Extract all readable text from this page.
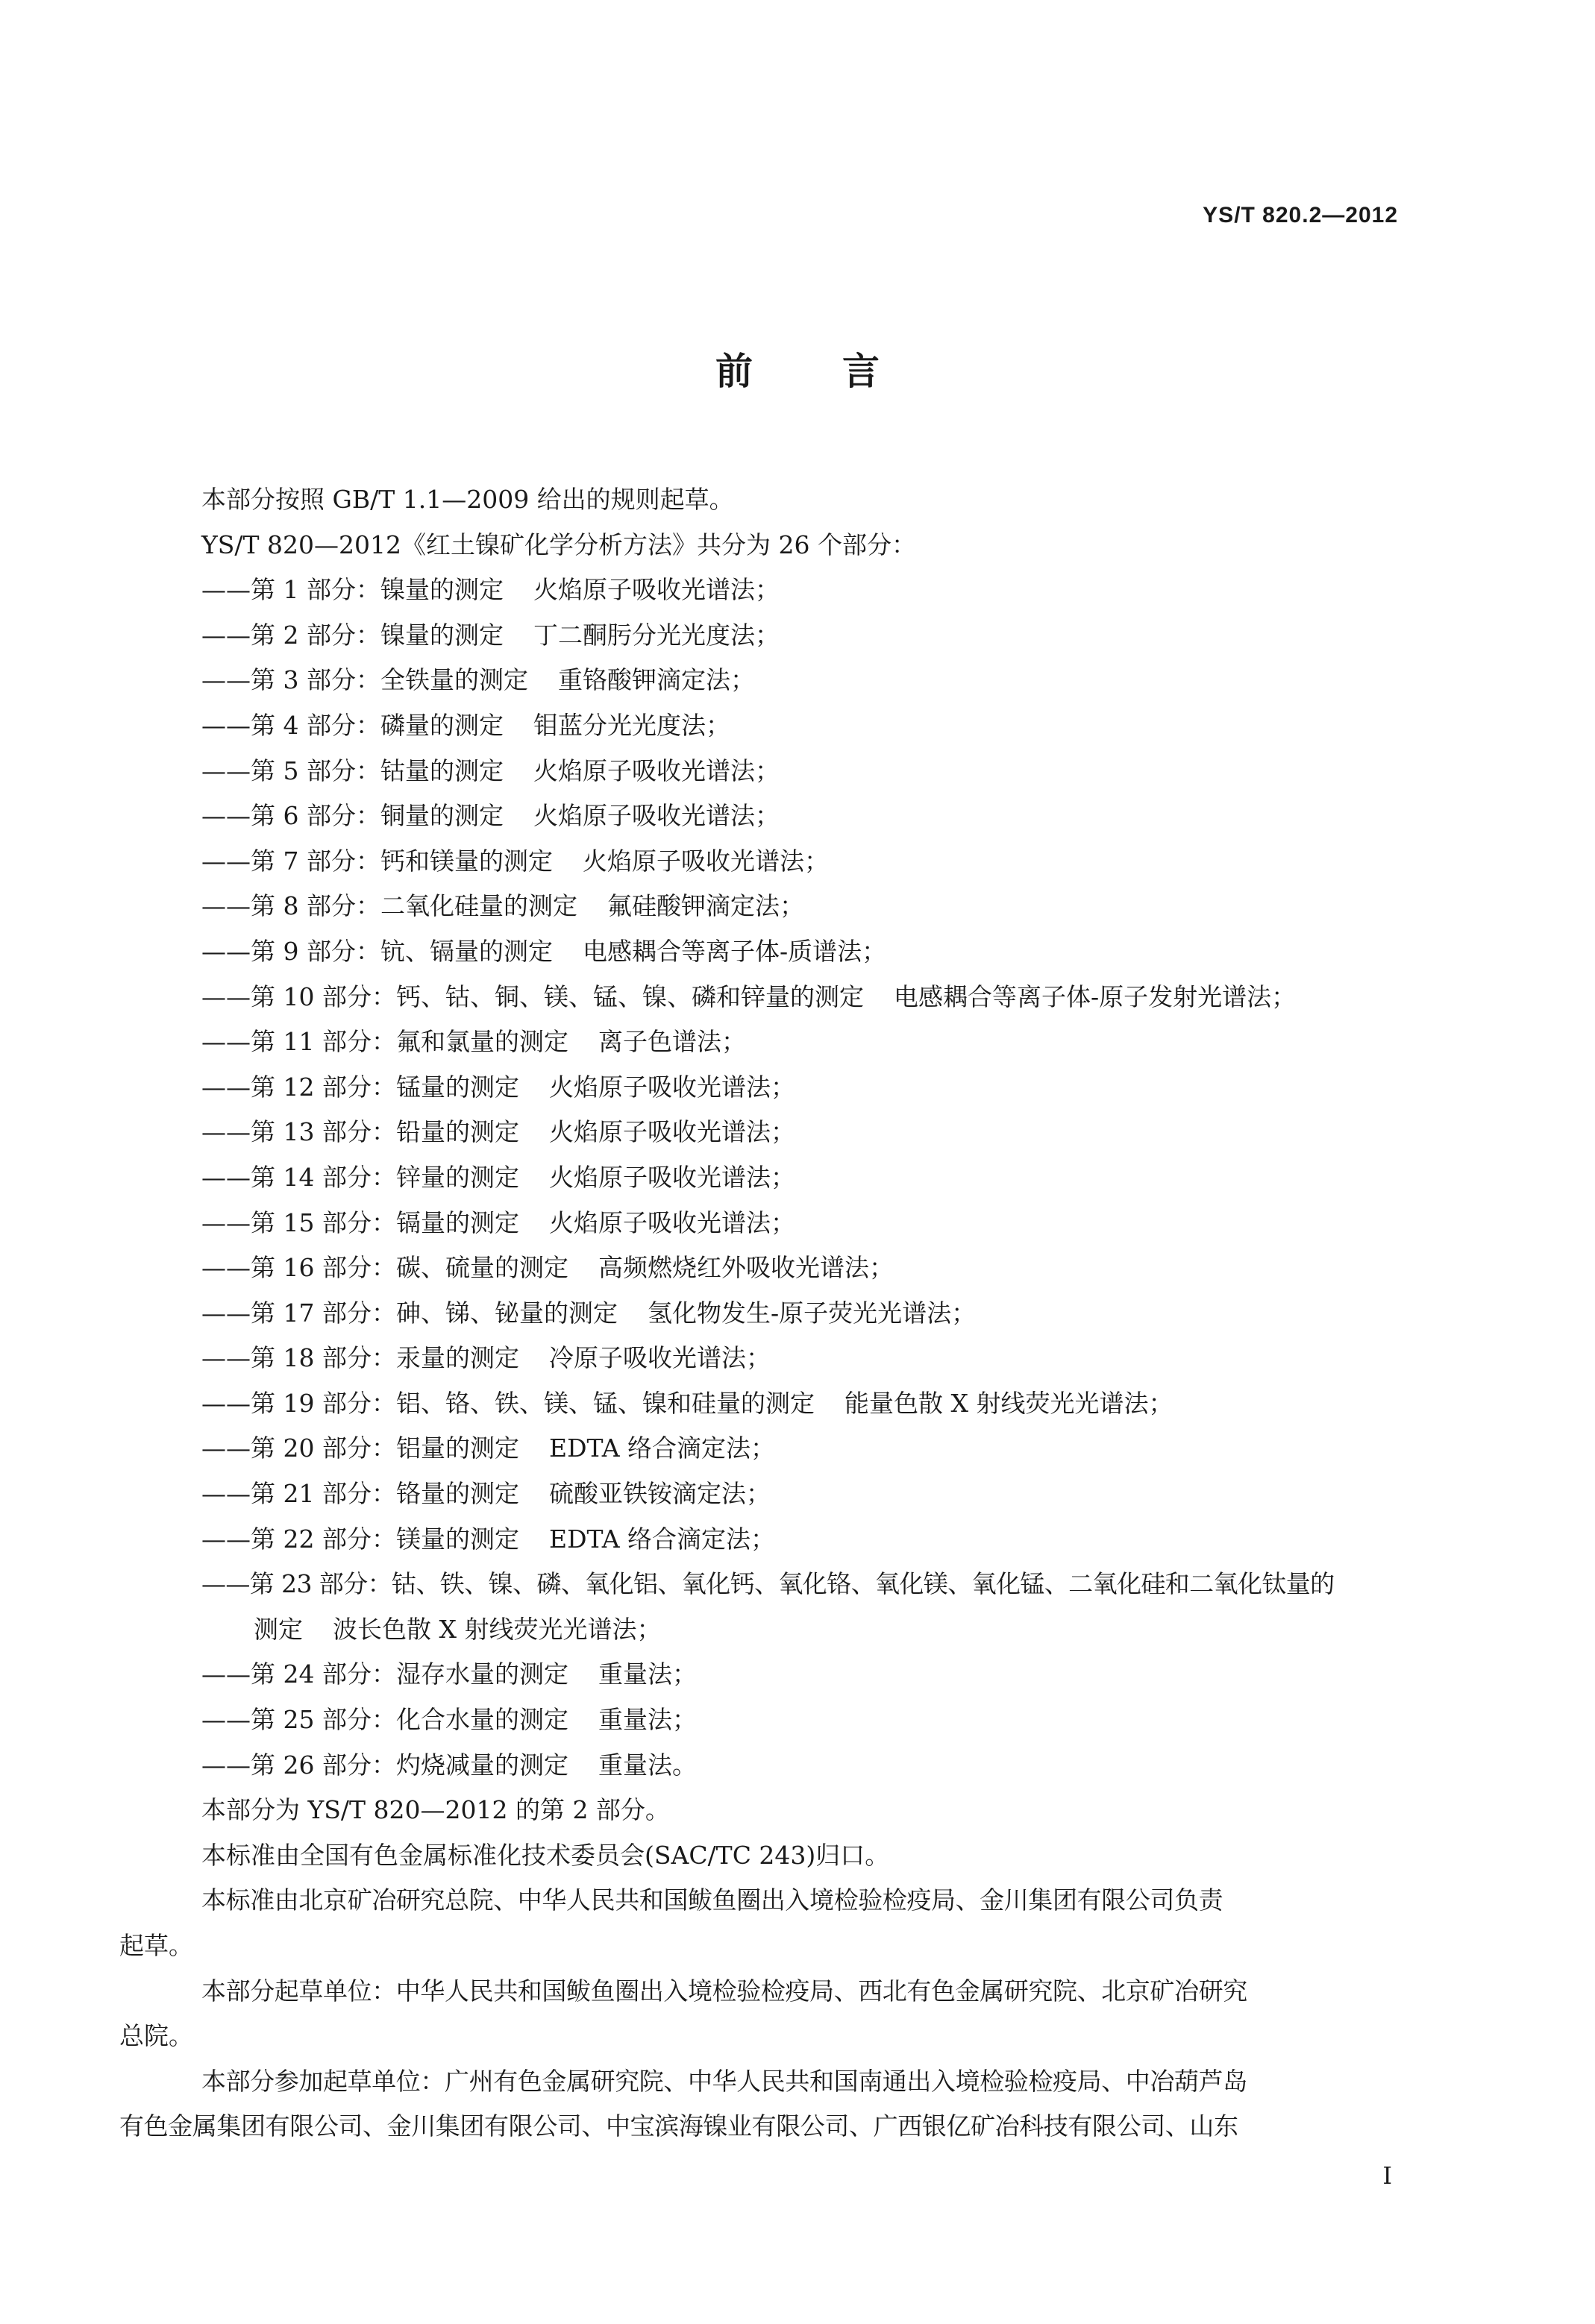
YS/T 820.2—2012
前言
本部分按照 GB/T 1.1—2009 给出的规则起草。
YS/T 820—2012《红土镍矿化学分析方法》共分为 26 个部分：
——第 1 部分：镍量的测定 火焰原子吸收光谱法；
——第 2 部分：镍量的测定 丁二酮肟分光光度法；
——第 3 部分：全铁量的测定 重铬酸钾滴定法；
——第 4 部分：磷量的测定 钼蓝分光光度法；
——第 5 部分：钴量的测定 火焰原子吸收光谱法；
——第 6 部分：铜量的测定 火焰原子吸收光谱法；
——第 7 部分：钙和镁量的测定 火焰原子吸收光谱法；
——第 8 部分：二氧化硅量的测定 氟硅酸钾滴定法；
——第 9 部分：钪、镉量的测定 电感耦合等离子体-质谱法；
——第 10 部分：钙、钴、铜、镁、锰、镍、磷和锌量的测定 电感耦合等离子体-原子发射光谱法；
——第 11 部分：氟和氯量的测定 离子色谱法；
——第 12 部分：锰量的测定 火焰原子吸收光谱法；
——第 13 部分：铅量的测定 火焰原子吸收光谱法；
——第 14 部分：锌量的测定 火焰原子吸收光谱法；
——第 15 部分：镉量的测定 火焰原子吸收光谱法；
——第 16 部分：碳、硫量的测定 高频燃烧红外吸收光谱法；
——第 17 部分：砷、锑、铋量的测定 氢化物发生-原子荧光光谱法；
——第 18 部分：汞量的测定 冷原子吸收光谱法；
——第 19 部分：铝、铬、铁、镁、锰、镍和硅量的测定 能量色散 X 射线荧光光谱法；
——第 20 部分：铝量的测定 EDTA 络合滴定法；
——第 21 部分：铬量的测定 硫酸亚铁铵滴定法；
——第 22 部分：镁量的测定 EDTA 络合滴定法；
——第 23 部分：钴、铁、镍、磷、氧化铝、氧化钙、氧化铬、氧化镁、氧化锰、二氧化硅和二氧化钛量的
测定 波长色散 X 射线荧光光谱法；
——第 24 部分：湿存水量的测定 重量法；
——第 25 部分：化合水量的测定 重量法；
——第 26 部分：灼烧减量的测定 重量法。
本部分为 YS/T 820—2012 的第 2 部分。
本标准由全国有色金属标准化技术委员会(SAC/TC 243)归口。
本标准由北京矿冶研究总院、中华人民共和国鲅鱼圈出入境检验检疫局、金川集团有限公司负责
起草。
本部分起草单位：中华人民共和国鲅鱼圈出入境检验检疫局、西北有色金属研究院、北京矿冶研究
总院。
本部分参加起草单位：广州有色金属研究院、中华人民共和国南通出入境检验检疫局、中冶葫芦岛
有色金属集团有限公司、金川集团有限公司、中宝滨海镍业有限公司、广西银亿矿冶科技有限公司、山东
I
